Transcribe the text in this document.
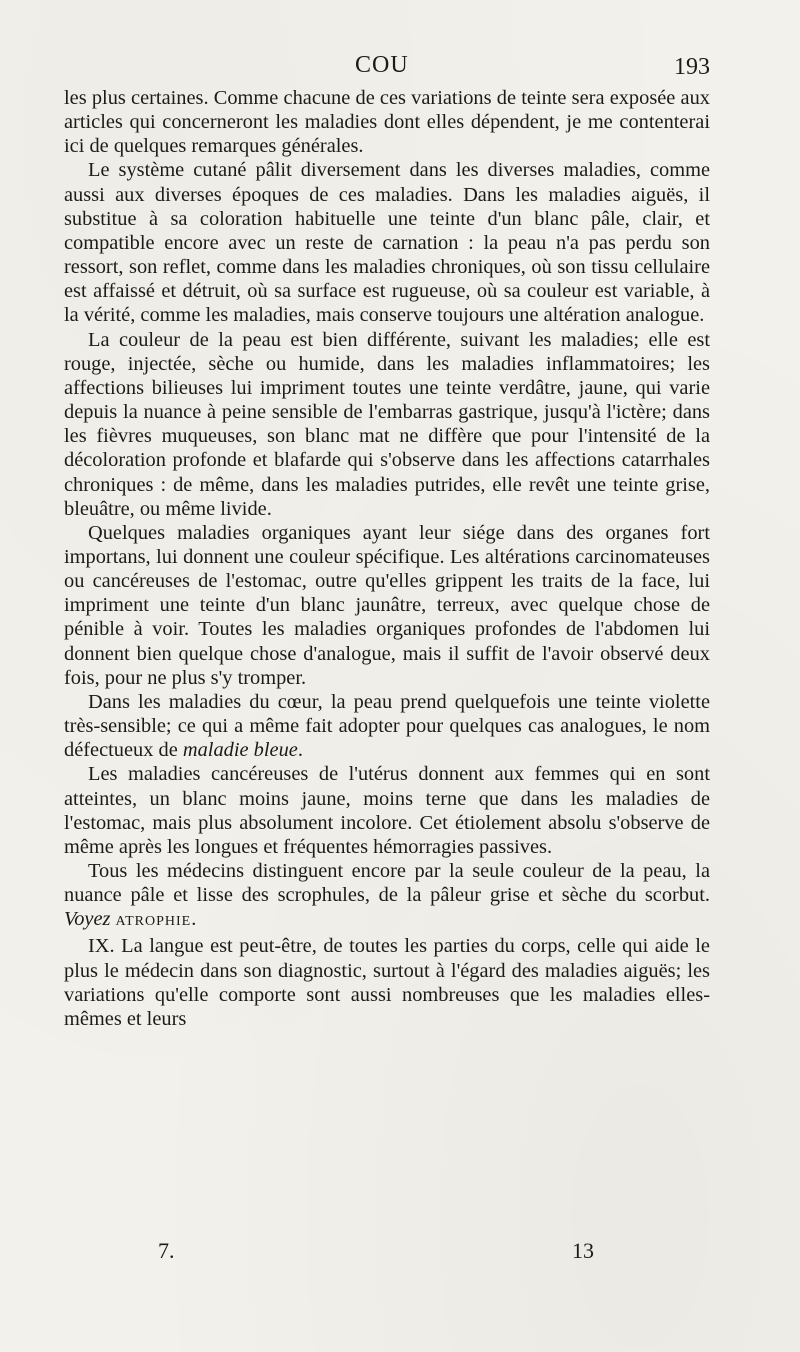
COU	193

les plus certaines. Comme chacune de ces variations de teinte sera exposée aux articles qui concerneront les maladies dont elles dépendent, je me contenterai ici de quelques remarques générales.

Le système cutané pâlit diversement dans les diverses maladies, comme aussi aux diverses époques de ces maladies. Dans les maladies aiguës, il substitue à sa coloration habituelle une teinte d'un blanc pâle, clair, et compatible encore avec un reste de carnation : la peau n'a pas perdu son ressort, son reflet, comme dans les maladies chroniques, où son tissu cellulaire est affaissé et détruit, où sa surface est rugueuse, où sa couleur est variable, à la vérité, comme les maladies, mais conserve toujours une altération analogue.

La couleur de la peau est bien différente, suivant les maladies; elle est rouge, injectée, sèche ou humide, dans les maladies inflammatoires; les affections bilieuses lui impriment toutes une teinte verdâtre, jaune, qui varie depuis la nuance à peine sensible de l'embarras gastrique, jusqu'à l'ictère; dans les fièvres muqueuses, son blanc mat ne diffère que pour l'intensité de la décoloration profonde et blafarde qui s'observe dans les affections catarrhales chroniques : de même, dans les maladies putrides, elle revêt une teinte grise, bleuâtre, ou même livide.

Quelques maladies organiques ayant leur siége dans des organes fort importans, lui donnent une couleur spécifique. Les altérations carcinomateuses ou cancéreuses de l'estomac, outre qu'elles grippent les traits de la face, lui impriment une teinte d'un blanc jaunâtre, terreux, avec quelque chose de pénible à voir. Toutes les maladies organiques profondes de l'abdomen lui donnent bien quelque chose d'analogue, mais il suffit de l'avoir observé deux fois, pour ne plus s'y tromper.

Dans les maladies du cœur, la peau prend quelquefois une teinte violette très-sensible; ce qui a même fait adopter pour quelques cas analogues, le nom défectueux de maladie bleue.

Les maladies cancéreuses de l'utérus donnent aux femmes qui en sont atteintes, un blanc moins jaune, moins terne que dans les maladies de l'estomac, mais plus absolument incolore. Cet étiolement absolu s'observe de même après les longues et fréquentes hémorragies passives.

Tous les médecins distinguent encore par la seule couleur de la peau, la nuance pâle et lisse des scrophules, de la pâleur grise et sèche du scorbut. Voyez ATROPHIE.

IX. La langue est peut-être, de toutes les parties du corps, celle qui aide le plus le médecin dans son diagnostic, surtout à l'égard des maladies aiguës; les variations qu'elle comporte sont aussi nombreuses que les maladies elles-mêmes et leurs

7.	13
